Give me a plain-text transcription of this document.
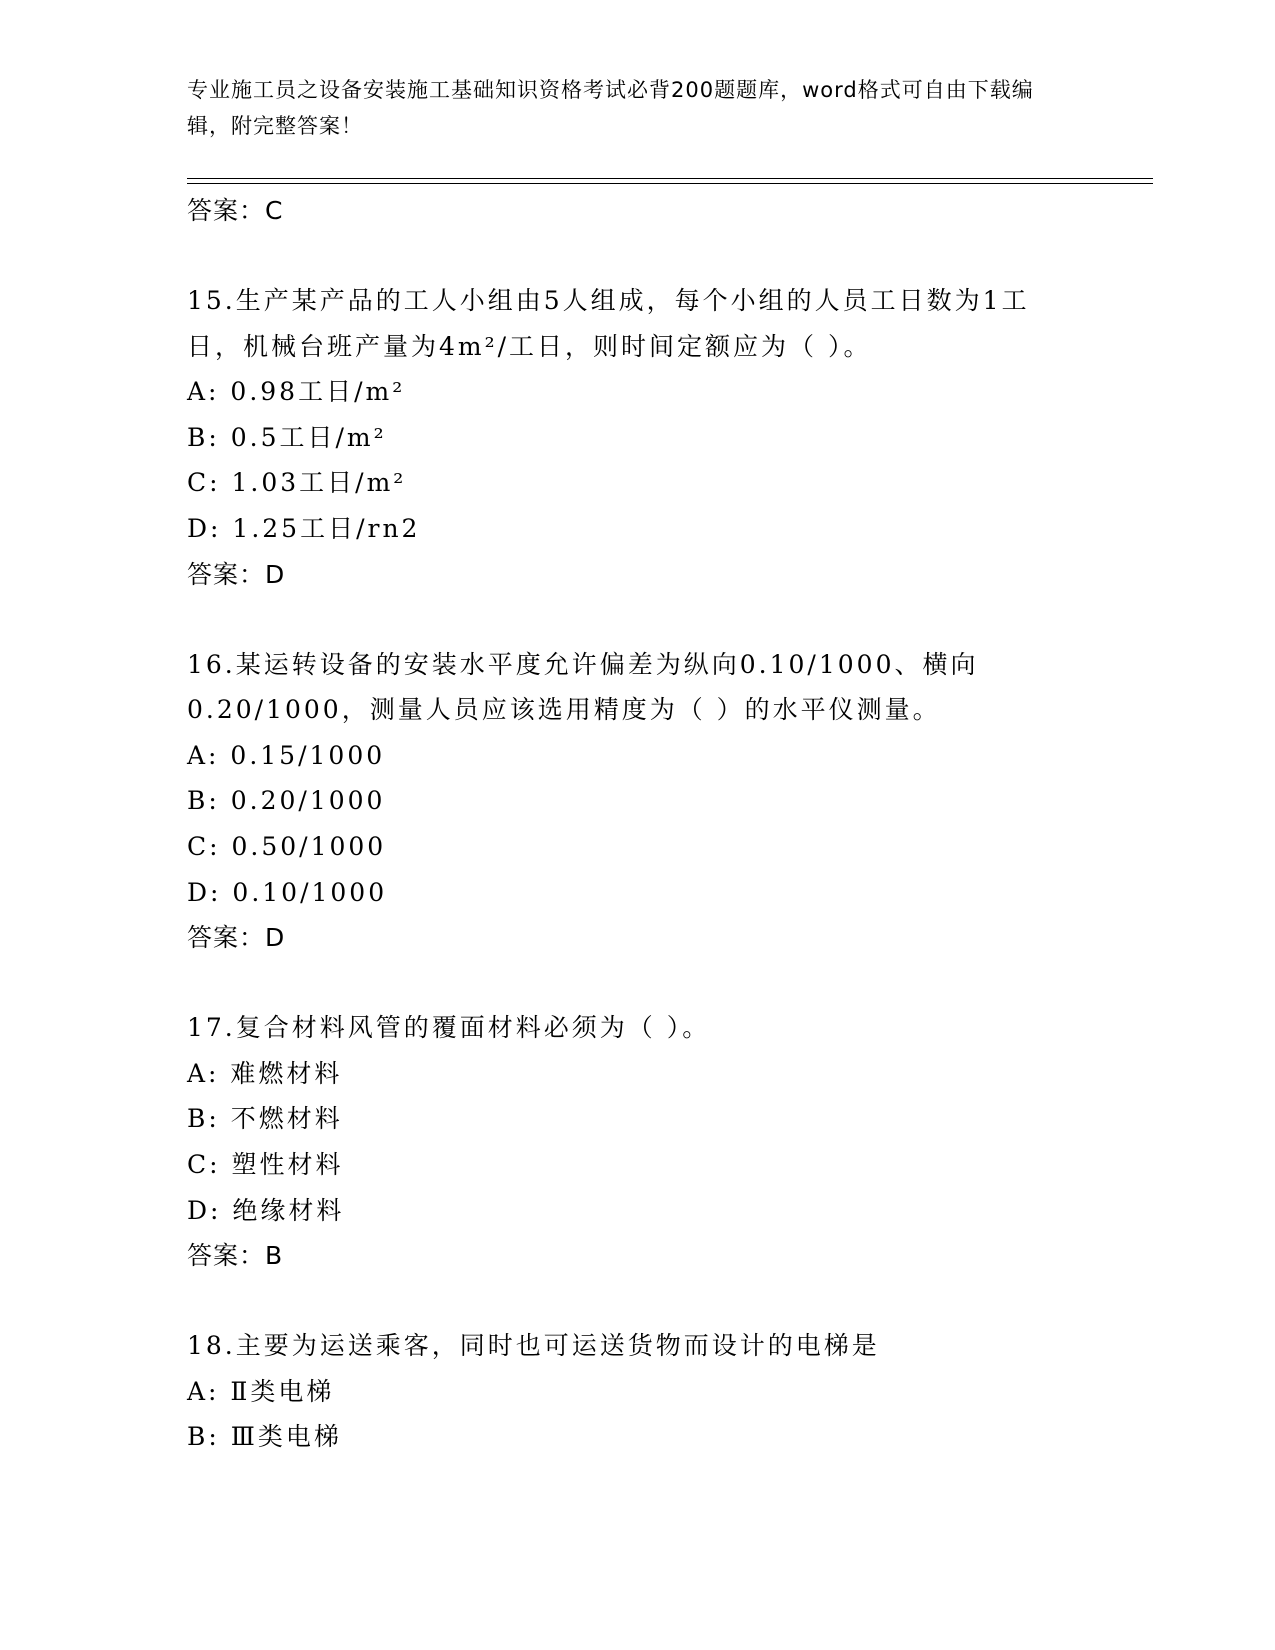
专业施工员之设备安装施工基础知识资格考试必背200题题库，word格式可自由下载编辑，附完整答案！
答案：C
15.生产某产品的工人小组由5人组成，每个小组的人员工日数为1工
日，机械台班产量为4m²/工日，则时间定额应为（ ）。
A: 0.98工日/m²
B: 0.5工日/m²
C: 1.03工日/m²
D: 1.25工日/rn2
答案：D
16.某运转设备的安装水平度允许偏差为纵向0.10/1000、横向
0.20/1000，测量人员应该选用精度为（ ）的水平仪测量。
A: 0.15/1000
B: 0.20/1000
C: 0.50/1000
D: 0.10/1000
答案：D
17.复合材料风管的覆面材料必须为（ ）。
A: 难燃材料
B: 不燃材料
C: 塑性材料
D: 绝缘材料
答案：B
18.主要为运送乘客，同时也可运送货物而设计的电梯是
A: Ⅱ类电梯
B: Ⅲ类电梯
